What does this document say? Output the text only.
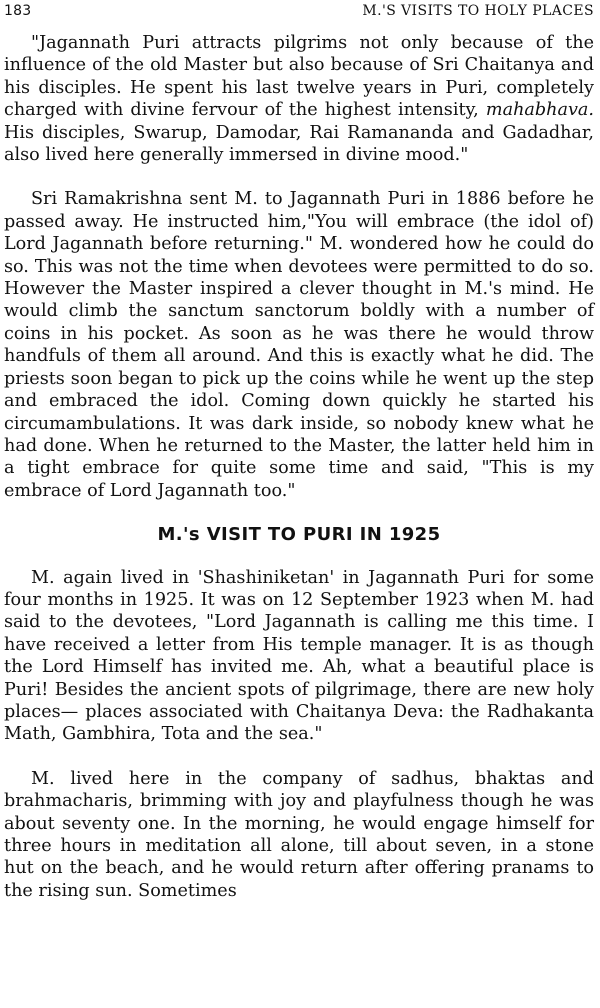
183	M.'S VISITS TO HOLY PLACES

"Jagannath Puri attracts pilgrims not only because of the influence of the old Master but also because of Sri Chaitanya and his disciples. He spent his last twelve years in Puri, completely charged with divine fervour of the highest intensity, mahabhava. His disciples, Swarup, Damodar, Rai Ramananda and Gadadhar, also lived here generally immersed in divine mood."

Sri Ramakrishna sent M. to Jagannath Puri in 1886 before he passed away. He instructed him,"You will embrace (the idol of) Lord Jagannath before returning." M. wondered how he could do so. This was not the time when devotees were permitted to do so. However the Master inspired a clever thought in M.'s mind. He would climb the sanctum sanctorum boldly with a number of coins in his pocket. As soon as he was there he would throw handfuls of them all around. And this is exactly what he did. The priests soon began to pick up the coins while he went up the step and embraced the idol. Coming down quickly he started his circumambulations. It was dark inside, so nobody knew what he had done. When he returned to the Master, the latter held him in a tight embrace for quite some time and said, "This is my embrace of Lord Jagannath too."

M.'s VISIT TO PURI IN 1925

M. again lived in 'Shashiniketan' in Jagannath Puri for some four months in 1925. It was on 12 September 1923 when M. had said to the devotees, "Lord Jagannath is calling me this time. I have received a letter from His temple manager. It is as though the Lord Himself has invited me. Ah, what a beautiful place is Puri! Besides the ancient spots of pilgrimage, there are new holy places— places associated with Chaitanya Deva: the Radhakanta Math, Gambhira, Tota and the sea."

M. lived here in the company of sadhus, bhaktas and brahmacharis, brimming with joy and playfulness though he was about seventy one. In the morning, he would engage himself for three hours in meditation all alone, till about seven, in a stone hut on the beach, and he would return after offering pranams to the rising sun. Sometimes
